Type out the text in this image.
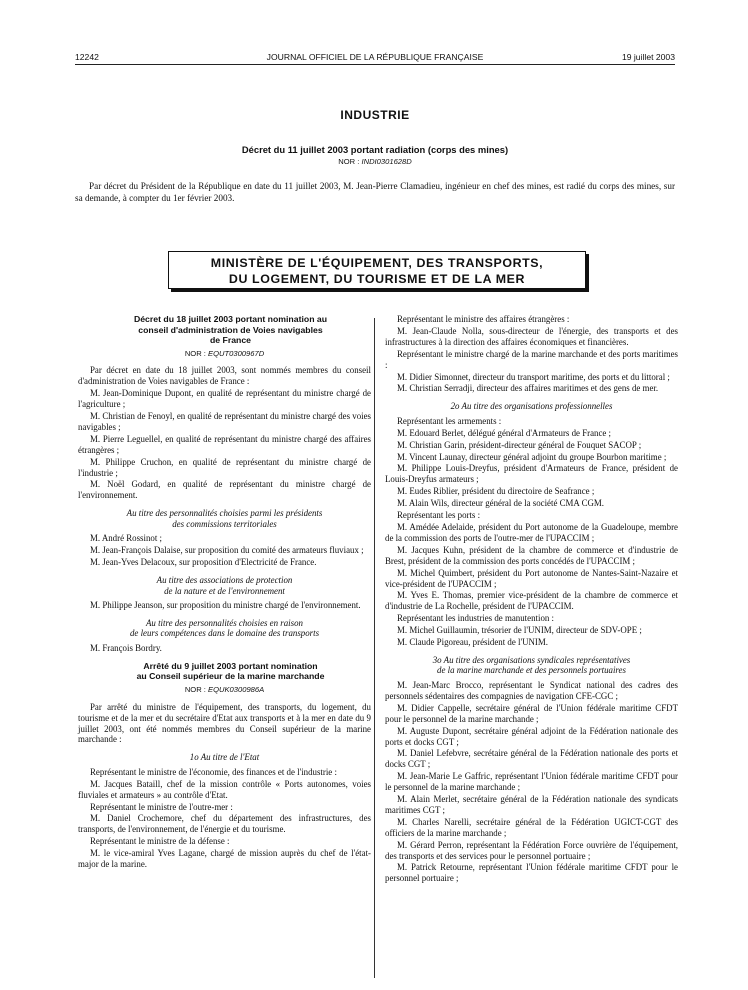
12242	JOURNAL OFFICIEL DE LA RÉPUBLIQUE FRANÇAISE	19 juillet 2003
INDUSTRIE
Décret du 11 juillet 2003 portant radiation (corps des mines)
NOR : INDI0301628D

Par décret du Président de la République en date du 11 juillet 2003, M. Jean-Pierre Clamadieu, ingénieur en chef des mines, est radié du corps des mines, sur sa demande, à compter du 1er février 2003.

MINISTÈRE DE L'ÉQUIPEMENT, DES TRANSPORTS,
DU LOGEMENT, DU TOURISME ET DE LA MER

Décret du 18 juillet 2003 portant nomination au

conseil d'administration de Voies navigables

de France

NOR : EQUT0300967D

Par décret en date du 18 juillet 2003, sont nommés membres du conseil d'administration de Voies navigables de France :

M. Jean-Dominique Dupont, en qualité de représentant du ministre chargé de l'agriculture ;

M. Christian de Fenoyl, en qualité de représentant du ministre chargé des voies navigables ;

M. Pierre Leguellel, en qualité de représentant du ministre chargé des affaires étrangères ;

M. Philippe Cruchon, en qualité de représentant du ministre chargé de l'industrie ;

M. Noël Godard, en qualité de représentant du ministre chargé de l'environnement.

Au titre des personnalités choisies parmi les présidents
des commissions territoriales

M. André Rossinot ;

M. Jean-François Dalaise, sur proposition du comité des armateurs fluviaux ;

M. Jean-Yves Delacoux, sur proposition d'Electricité de France.

Au titre des associations de protection
de la nature et de l'environnement

M. Philippe Jeanson, sur proposition du ministre chargé de l'environnement.

Au titre des personnalités choisies en raison
de leurs compétences dans le domaine des transports

M. François Bordry.

Arrêté du 9 juillet 2003 portant nomination

au Conseil supérieur de la marine marchande

NOR : EQUK0300986A

Par arrêté du ministre de l'équipement, des transports, du logement, du tourisme et de la mer et du secrétaire d'Etat aux transports et à la mer en date du 9 juillet 2003, ont été nommés membres du Conseil supérieur de la marine marchande :

1o Au titre de l'Etat

Représentant le ministre de l'économie, des finances et de l'industrie :

M. Jacques Bataill, chef de la mission contrôle « Ports autonomes, voies fluviales et armateurs » au contrôle d'Etat.

Représentant le ministre de l'outre-mer :

M. Daniel Crochemore, chef du département des infrastructures, des transports, de l'environnement, de l'énergie et du tourisme.

Représentant le ministre de la défense :

M. le vice-amiral Yves Lagane, chargé de mission auprès du chef de l'état-major de la marine.

Représentant le ministre des affaires étrangères :

M. Jean-Claude Nolla, sous-directeur de l'énergie, des transports et des infrastructures à la direction des affaires économiques et financières.

Représentant le ministre chargé de la marine marchande et des ports maritimes :

M. Didier Simonnet, directeur du transport maritime, des ports et du littoral ;

M. Christian Serradji, directeur des affaires maritimes et des gens de mer.

2o Au titre des organisations professionnelles

Représentant les armements :

M. Edouard Berlet, délégué général d'Armateurs de France ;

M. Christian Garin, président-directeur général de Fouquet SACOP ;

M. Vincent Launay, directeur général adjoint du groupe Bourbon maritime ;

M. Philippe Louis-Dreyfus, président d'Armateurs de France, président de Louis-Dreyfus armateurs ;

M. Eudes Riblier, président du directoire de Seafrance ;

M. Alain Wils, directeur général de la société CMA CGM.

Représentant les ports :

M. Amédée Adelaide, président du Port autonome de la Guadeloupe, membre de la commission des ports de l'outre-mer de l'UPACCIM ;

M. Jacques Kuhn, président de la chambre de commerce et d'industrie de Brest, président de la commission des ports concédés de l'UPACCIM ;

M. Michel Quimbert, président du Port autonome de Nantes-Saint-Nazaire et vice-président de l'UPACCIM ;

M. Yves E. Thomas, premier vice-président de la chambre de commerce et d'industrie de La Rochelle, président de l'UPACCIM.

Représentant les industries de manutention :

M. Michel Guillaumin, trésorier de l'UNIM, directeur de SDV-OPE ;

M. Claude Pigoreau, président de l'UNIM.

3o Au titre des organisations syndicales représentatives
de la marine marchande et des personnels portuaires

M. Jean-Marc Brocco, représentant le Syndicat national des cadres des personnels sédentaires des compagnies de navigation CFE-CGC ;

M. Didier Cappelle, secrétaire général de l'Union fédérale maritime CFDT pour le personnel de la marine marchande ;

M. Auguste Dupont, secrétaire général adjoint de la Fédération nationale des ports et docks CGT ;

M. Daniel Lefebvre, secrétaire général de la Fédération nationale des ports et docks CGT ;

M. Jean-Marie Le Gaffric, représentant l'Union fédérale maritime CFDT pour le personnel de la marine marchande ;

M. Alain Merlet, secrétaire général de la Fédération nationale des syndicats maritimes CGT ;

M. Charles Narelli, secrétaire général de la Fédération UGICT-CGT des officiers de la marine marchande ;

M. Gérard Perron, représentant la Fédération Force ouvrière de l'équipement, des transports et des services pour le personnel portuaire ;

M. Patrick Retourne, représentant l'Union fédérale maritime CFDT pour le personnel portuaire ;
